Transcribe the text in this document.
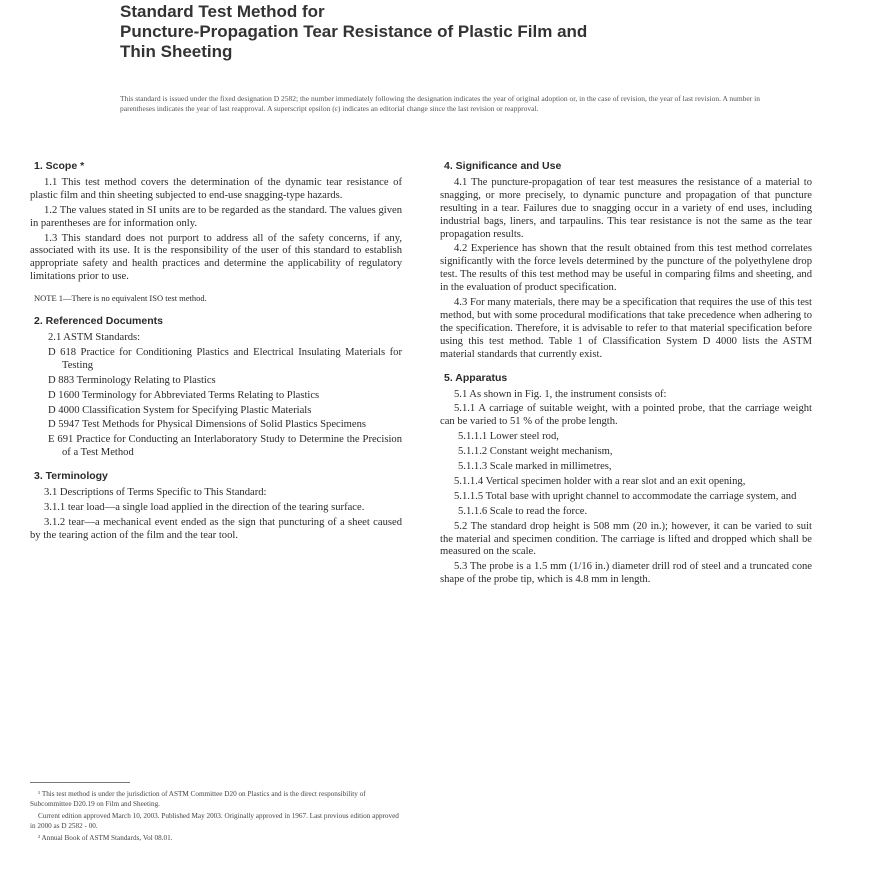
Standard Test Method for
Puncture-Propagation Tear Resistance of Plastic Film and
Thin Sheeting
This standard is issued under the fixed designation D 2582; the number immediately following the designation indicates the year of original adoption or, in the case of revision, the year of last revision. A number in parentheses indicates the year of last reapproval. A superscript epsilon (ε) indicates an editorial change since the last revision or reapproval.
1. Scope *

1.1 This test method covers the determination of the dynamic tear resistance of plastic film and thin sheeting subjected to end-use snagging-type hazards.

1.2 The values stated in SI units are to be regarded as the standard. The values given in parentheses are for information only.

1.3 This standard does not purport to address all of the safety concerns, if any, associated with its use. It is the responsibility of the user of this standard to establish appropriate safety and health practices and determine the applicability of regulatory limitations prior to use.

NOTE 1—There is no equivalent ISO test method.
2. Referenced Documents
2.1 ASTM Standards:
D 618 Practice for Conditioning Plastics and Electrical Insulating Materials for Testing
D 883 Terminology Relating to Plastics
D 1600 Terminology for Abbreviated Terms Relating to Plastics
D 4000 Classification System for Specifying Plastic Materials
D 5947 Test Methods for Physical Dimensions of Solid Plastics Specimens
E 691 Practice for Conducting an Interlaboratory Study to Determine the Precision of a Test Method
3. Terminology

3.1 Descriptions of Terms Specific to This Standard:

3.1.1 tear load—a single load applied in the direction of the tearing surface.

3.1.2 tear—a mechanical event ended as the sign that puncturing of a sheet caused by the tearing action of the film and the tear tool.

¹ This test method is under the jurisdiction of ASTM Committee D20 on Plastics and is the direct responsibility of Subcommittee D20.19 on Film and Sheeting.

Current edition approved March 10, 2003. Published May 2003. Originally approved in 1967. Last previous edition approved in 2000 as D 2582 - 00.

² Annual Book of ASTM Standards, Vol 08.01.

4. Significance and Use

4.1 The puncture-propagation of tear test measures the resistance of a material to snagging, or more precisely, to dynamic puncture and propagation of that puncture resulting in a tear. Failures due to snagging occur in a variety of end uses, including industrial bags, liners, and tarpaulins. This tear resistance is not the same as the tear propagation results.

4.2 Experience has shown that the result obtained from this test method correlates significantly with the force levels determined by the puncture of the polyethylene drop test. The results of this test method may be useful in comparing films and sheeting, and in the evaluation of product specification.

4.3 For many materials, there may be a specification that requires the use of this test method, but with some procedural modifications that take precedence when adhering to the specification. Therefore, it is advisable to refer to that material specification before using this test method. Table 1 of Classification System D 4000 lists the ASTM material standards that currently exist.

5. Apparatus

5.1 As shown in Fig. 1, the instrument consists of:

5.1.1 A carriage of suitable weight, with a pointed probe, that the carriage weight can be varied to 51 % of the probe length.

5.1.1.1 Lower steel rod,
5.1.1.2 Constant weight mechanism,
5.1.1.3 Scale marked in millimetres,

5.1.1.4 Vertical specimen holder with a rear slot and an exit opening,

5.1.1.5 Total base with upright channel to accommodate the carriage system, and

5.1.1.6 Scale to read the force.

5.2 The standard drop height is 508 mm (20 in.); however, it can be varied to suit the material and specimen condition. The carriage is lifted and dropped which shall be measured on the scale.

5.3 The probe is a 1.5 mm (1/16 in.) diameter drill rod of steel and a truncated cone shape of the probe tip, which is 4.8 mm in length.
